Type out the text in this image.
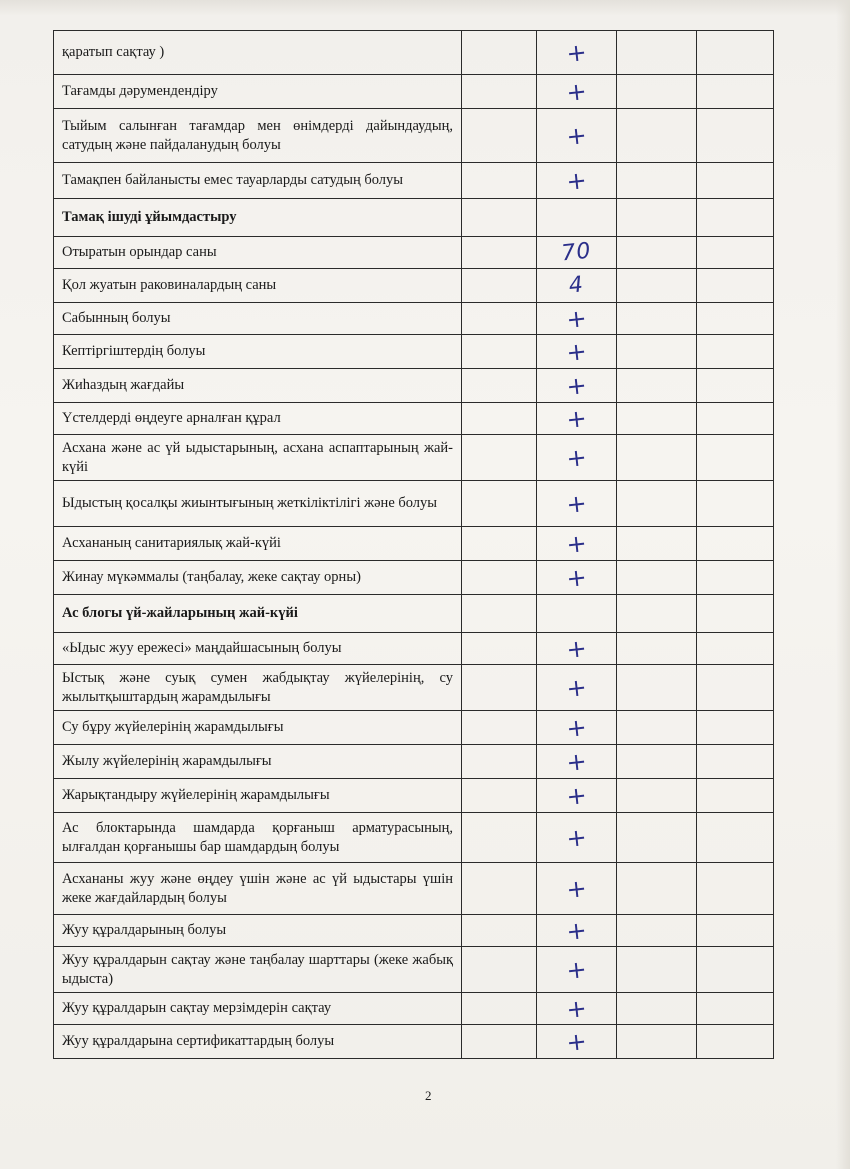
қаратып сақтау )		+		

Тағамды дәрумендендіру		+		

Тыйым салынған тағамдар мен өнімдерді дайындаудың, сатудың және пайдаланудың болуы		+		

Тамақпен байланысты емес тауарларды сатудың болуы		+		

Тамақ ішуді ұйымдастыру				
Отыратын орындар саны		70		

Қол жуатын раковиналардың саны		4		

Сабынның болуы		+		

Кептіргіштердің болуы		+		

Жиһаздың жағдайы		+		

Үстелдерді өңдеуге арналған құрал		+		

Асхана және ас үй ыдыстарының, асхана аспаптарының жай-күйі		+		

Ыдыстың қосалқы жиынтығының жеткіліктілігі және болуы		+		

Асхананың санитариялық жай-күйі		+		

Жинау мүкәммалы (таңбалау, жеке сақтау орны)		+		

Ас блогы үй-жайларының жай-күйі				
«Ыдыс жуу ережесі» маңдайшасының болуы		+		

Ыстық және суық сумен жабдықтау жүйелерінің, су жылытқыштардың жарамдылығы		+		

Су бұру жүйелерінің жарамдылығы		+		

Жылу жүйелерінің жарамдылығы		+		

Жарықтандыру жүйелерінің жарамдылығы		+		

Ас блоктарында шамдарда қорғаныш арматурасының, ылғалдан қорғанышы бар шамдардың болуы		+		

Асхананы жуу және өңдеу үшін және ас үй ыдыстары үшін жеке жағдайлардың болуы		+		

Жуу құралдарының болуы		+		

Жуу құралдарын сақтау және таңбалау шарттары (жеке жабық ыдыста)		+		

Жуу құралдарын сақтау мерзімдерін сақтау		+		

Жуу құралдарына сертификаттардың болуы		+		

2
